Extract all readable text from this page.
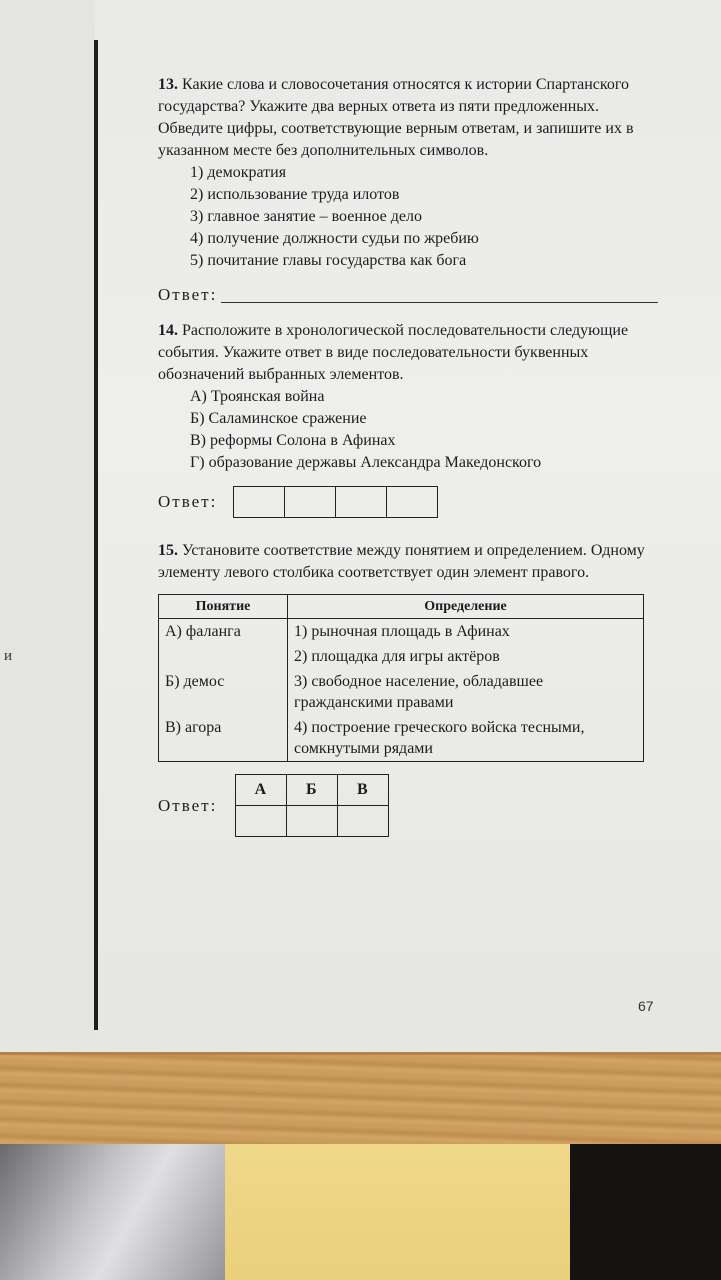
и

13. Какие слова и словосочетания относятся к истории Спартанского государства? Укажите два верных ответа из пяти предложенных. Обведите цифры, соответствующие верным ответам, и запишите их в указанном месте без дополнительных символов.

1) демократия
2) использование труда илотов
3) главное занятие – военное дело
4) получение должности судьи по жребию
5) почитание главы государства как бога
Ответ:

14. Расположите в хронологической последовательности следующие события. Укажите ответ в виде последовательности буквенных обозначений выбранных элементов.

А) Троянская война
Б) Саламинское сражение
В) реформы Солона в Афинах
Г) образование державы Александра Македонского
Ответ:

15. Установите соответствие между понятием и определением. Одному элементу левого столбика соответствует один элемент правого.

Понятие	Определение
А) фаланга	1) рыночная площадь в Афинах
	2) площадка для игры актёров
Б) демос	3) свободное население, обладавшее гражданскими правами
В) агора	4) построение греческого войска тесными, сомкнутыми рядами
Ответ:
А	Б	В

67
